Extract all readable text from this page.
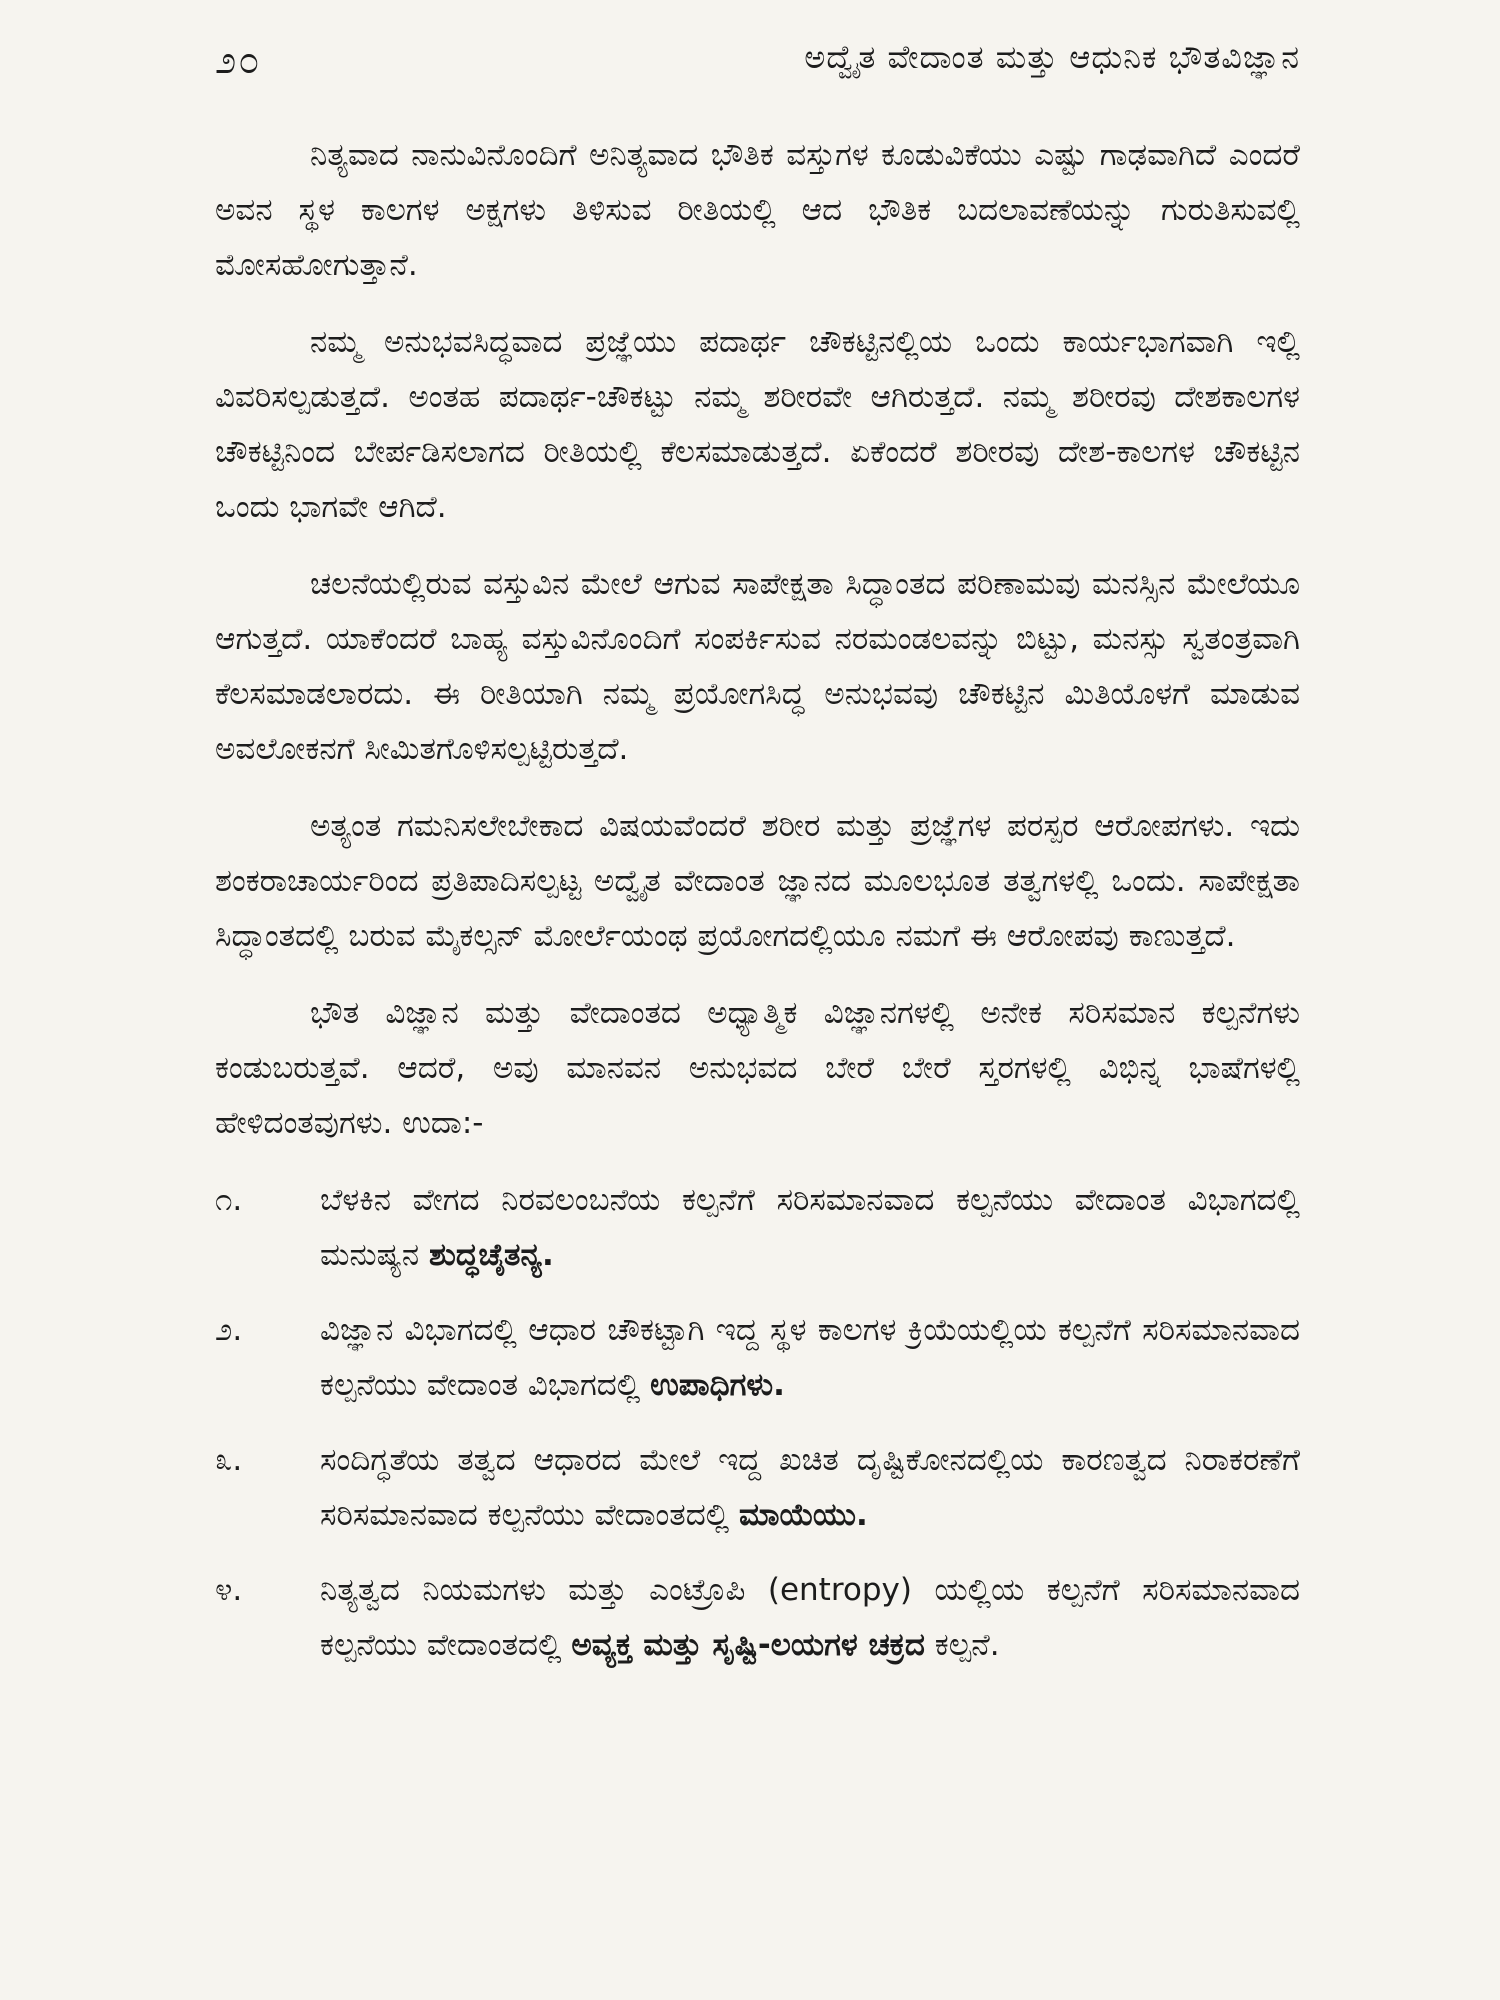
೨೦	ಅದ್ವೈತ ವೇದಾಂತ ಮತ್ತು ಆಧುನಿಕ ಭೌತವಿಜ್ಞಾನ

ನಿತ್ಯವಾದ ನಾನುವಿನೊಂದಿಗೆ ಅನಿತ್ಯವಾದ ಭೌತಿಕ ವಸ್ತುಗಳ ಕೂಡುವಿಕೆಯು ಎಷ್ಟು ಗಾಢವಾಗಿದೆ ಎಂದರೆ ಅವನ ಸ್ಥಳ ಕಾಲಗಳ ಅಕ್ಷಗಳು ತಿಳಿಸುವ ರೀತಿಯಲ್ಲಿ ಆದ ಭೌತಿಕ ಬದಲಾವಣೆಯನ್ನು ಗುರುತಿಸುವಲ್ಲಿ ಮೋಸಹೋಗುತ್ತಾನೆ.

ನಮ್ಮ ಅನುಭವಸಿದ್ಧವಾದ ಪ್ರಜ್ಞೆಯು ಪದಾರ್ಥ ಚೌಕಟ್ಟಿನಲ್ಲಿಯ ಒಂದು ಕಾರ್ಯಭಾಗವಾಗಿ ಇಲ್ಲಿ ವಿವರಿಸಲ್ಪಡುತ್ತದೆ. ಅಂತಹ ಪದಾರ್ಥ-ಚೌಕಟ್ಟು ನಮ್ಮ ಶರೀರವೇ ಆಗಿರುತ್ತದೆ. ನಮ್ಮ ಶರೀರವು ದೇಶಕಾಲಗಳ ಚೌಕಟ್ಟಿನಿಂದ ಬೇರ್ಪಡಿಸಲಾಗದ ರೀತಿಯಲ್ಲಿ ಕೆಲಸಮಾಡುತ್ತದೆ. ಏಕೆಂದರೆ ಶರೀರವು ದೇಶ-ಕಾಲಗಳ ಚೌಕಟ್ಟಿನ ಒಂದು ಭಾಗವೇ ಆಗಿದೆ.

ಚಲನೆಯಲ್ಲಿರುವ ವಸ್ತುವಿನ ಮೇಲೆ ಆಗುವ ಸಾಪೇಕ್ಷತಾ ಸಿದ್ಧಾಂತದ ಪರಿಣಾಮವು ಮನಸ್ಸಿನ ಮೇಲೆಯೂ ಆಗುತ್ತದೆ. ಯಾಕೆಂದರೆ ಬಾಹ್ಯ ವಸ್ತುವಿನೊಂದಿಗೆ ಸಂಪರ್ಕಿಸುವ ನರಮಂಡಲವನ್ನು ಬಿಟ್ಟು, ಮನಸ್ಸು ಸ್ವತಂತ್ರವಾಗಿ ಕೆಲಸಮಾಡಲಾರದು. ಈ ರೀತಿಯಾಗಿ ನಮ್ಮ ಪ್ರಯೋಗಸಿದ್ಧ ಅನುಭವವು ಚೌಕಟ್ಟಿನ ಮಿತಿಯೊಳಗೆ ಮಾಡುವ ಅವಲೋಕನಗೆ ಸೀಮಿತಗೊಳಿಸಲ್ಪಟ್ಟಿರುತ್ತದೆ.

ಅತ್ಯಂತ ಗಮನಿಸಲೇಬೇಕಾದ ವಿಷಯವೆಂದರೆ ಶರೀರ ಮತ್ತು ಪ್ರಜ್ಞೆಗಳ ಪರಸ್ಪರ ಆರೋಪಗಳು. ಇದು ಶಂಕರಾಚಾರ್ಯರಿಂದ ಪ್ರತಿಪಾದಿಸಲ್ಪಟ್ಟ ಅದ್ವೈತ ವೇದಾಂತ ಜ್ಞಾನದ ಮೂಲಭೂತ ತತ್ವಗಳಲ್ಲಿ ಒಂದು. ಸಾಪೇಕ್ಷತಾ ಸಿದ್ಧಾಂತದಲ್ಲಿ ಬರುವ ಮೈಕಲ್ಸನ್ ಮೋರ್ಲೆಯಂಥ ಪ್ರಯೋಗದಲ್ಲಿಯೂ ನಮಗೆ ಈ ಆರೋಪವು ಕಾಣುತ್ತದೆ.

ಭೌತ ವಿಜ್ಞಾನ ಮತ್ತು ವೇದಾಂತದ ಅಧ್ಯಾತ್ಮಿಕ ವಿಜ್ಞಾನಗಳಲ್ಲಿ ಅನೇಕ ಸರಿಸಮಾನ ಕಲ್ಪನೆಗಳು ಕಂಡುಬರುತ್ತವೆ. ಆದರೆ, ಅವು ಮಾನವನ ಅನುಭವದ ಬೇರೆ ಬೇರೆ ಸ್ತರಗಳಲ್ಲಿ ವಿಭಿನ್ನ ಭಾಷೆಗಳಲ್ಲಿ ಹೇಳಿದಂತವುಗಳು. ಉದಾ:-

೧.	ಬೆಳಕಿನ ವೇಗದ ನಿರವಲಂಬನೆಯ ಕಲ್ಪನೆಗೆ ಸರಿಸಮಾನವಾದ ಕಲ್ಪನೆಯು ವೇದಾಂತ ವಿಭಾಗದಲ್ಲಿ ಮನುಷ್ಯನ ಶುದ್ಧಚೈತನ್ಯ.
೨.	ವಿಜ್ಞಾನ ವಿಭಾಗದಲ್ಲಿ ಆಧಾರ ಚೌಕಟ್ಟಾಗಿ ಇದ್ದ ಸ್ಥಳ ಕಾಲಗಳ ಕ್ರಿಯೆಯಲ್ಲಿಯ ಕಲ್ಪನೆಗೆ ಸರಿಸಮಾನವಾದ ಕಲ್ಪನೆಯು ವೇದಾಂತ ವಿಭಾಗದಲ್ಲಿ ಉಪಾಧಿಗಳು.
೩.	ಸಂದಿಗ್ಧತೆಯ ತತ್ವದ ಆಧಾರದ ಮೇಲೆ ಇದ್ದ ಖಚಿತ ದೃಷ್ಟಿಕೋನದಲ್ಲಿಯ ಕಾರಣತ್ವದ ನಿರಾಕರಣೆಗೆ ಸರಿಸಮಾನವಾದ ಕಲ್ಪನೆಯು ವೇದಾಂತದಲ್ಲಿ ಮಾಯೆಯು.
೪.	ನಿತ್ಯತ್ವದ ನಿಯಮಗಳು ಮತ್ತು ಎಂಟ್ರೊಪಿ (entropy) ಯಲ್ಲಿಯ ಕಲ್ಪನೆಗೆ ಸರಿಸಮಾನವಾದ ಕಲ್ಪನೆಯು ವೇದಾಂತದಲ್ಲಿ ಅವ್ಯಕ್ತ ಮತ್ತು ಸೃಷ್ಟಿ-ಲಯಗಳ ಚಕ್ರದ ಕಲ್ಪನೆ.
